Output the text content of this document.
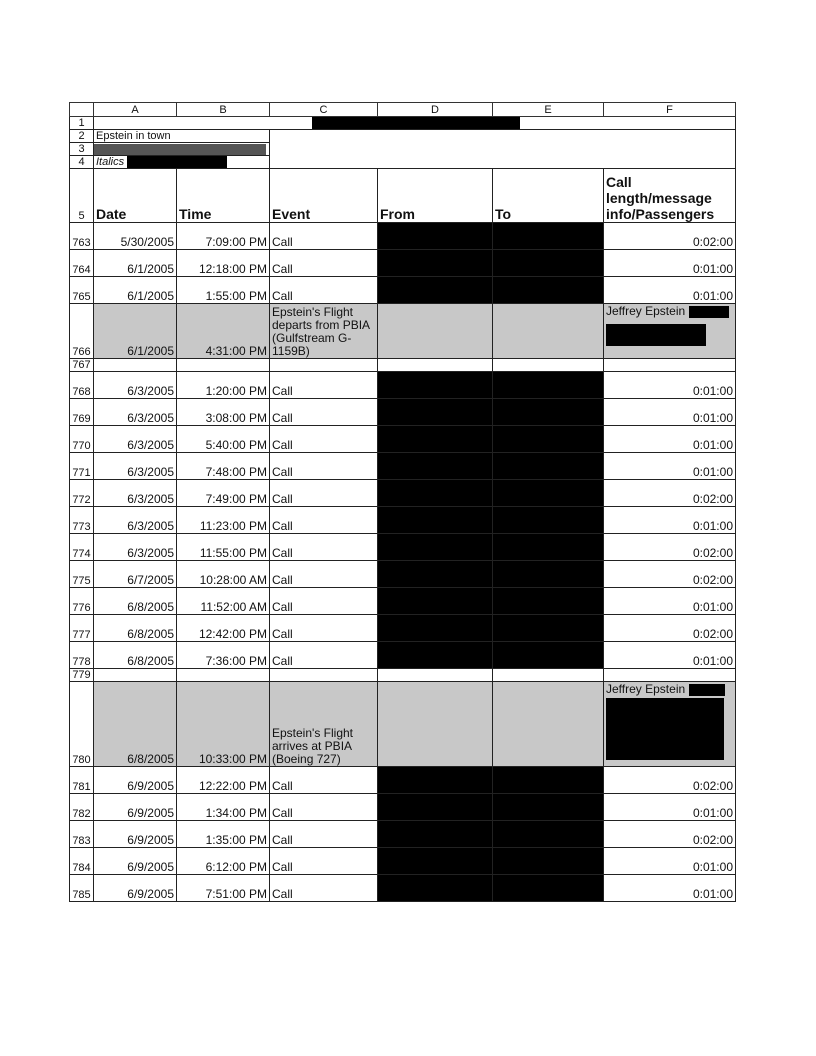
	A	B	C	D	E	F
1						

2	Epstein in town					
3						

4	Italics					
5	Date	Time	Event	From	To	Call length/message info/Passengers
763	5/30/2005	7:09:00 PM	Call			0:02:00
764	6/1/2005	12:18:00 PM	Call			0:01:00
765	6/1/2005	1:55:00 PM	Call			0:01:00
766	6/1/2005	4:31:00 PM	Epstein's Flight departs from PBIA (Gulfstream G-1159B)			Jeffrey Epstein

767						
768	6/3/2005	1:20:00 PM	Call			0:01:00
769	6/3/2005	3:08:00 PM	Call			0:01:00
770	6/3/2005	5:40:00 PM	Call			0:01:00
771	6/3/2005	7:48:00 PM	Call			0:01:00
772	6/3/2005	7:49:00 PM	Call			0:02:00
773	6/3/2005	11:23:00 PM	Call			0:01:00
774	6/3/2005	11:55:00 PM	Call			0:02:00
775	6/7/2005	10:28:00 AM	Call			0:02:00
776	6/8/2005	11:52:00 AM	Call			0:01:00
777	6/8/2005	12:42:00 PM	Call			0:02:00
778	6/8/2005	7:36:00 PM	Call			0:01:00
779						
780	6/8/2005	10:33:00 PM	Epstein's Flight arrives at PBIA (Boeing 727)			Jeffrey Epstein

781	6/9/2005	12:22:00 PM	Call			0:02:00
782	6/9/2005	1:34:00 PM	Call			0:01:00
783	6/9/2005	1:35:00 PM	Call			0:02:00
784	6/9/2005	6:12:00 PM	Call			0:01:00
785	6/9/2005	7:51:00 PM	Call			0:01:00
